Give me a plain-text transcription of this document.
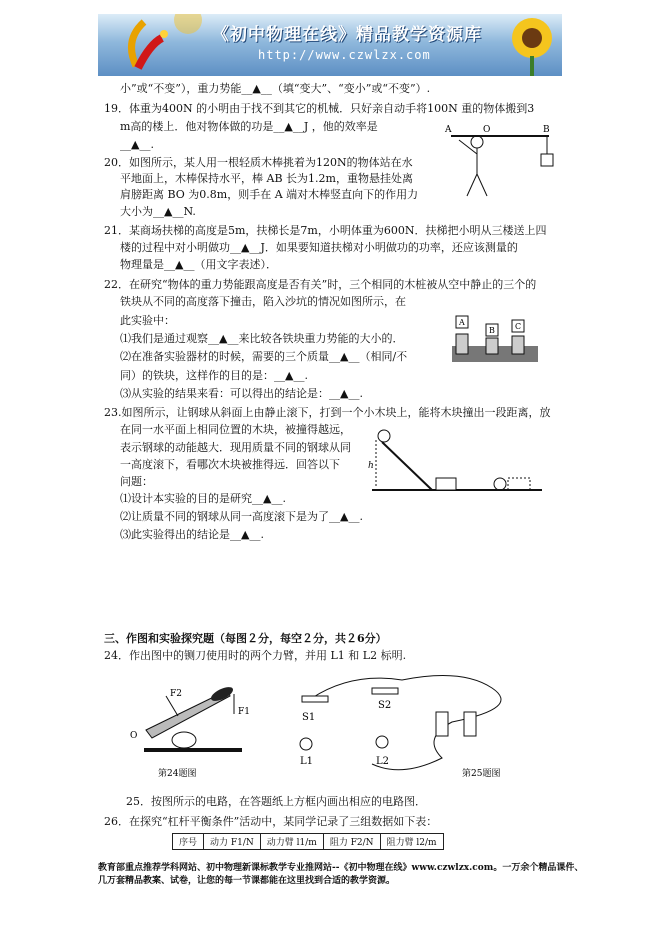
《初中物理在线》精品教学资源库
http://www.czwlzx.com
小”或“不变”），重力势能__▲__（填“变大”、“变小”或“不变”）.
19．体重为400N 的小明由于找不到其它的机械．只好亲自动手将100N 重的物体搬到3
m高的楼上．他对物体做的功是__▲__J ，他的效率是
__▲__.
20．如图所示，某人用一根轻质木棒挑着为120N的物体站在水
平地面上，木棒保持水平，棒 AB 长为1.2m，重物悬挂处离
肩膀距离 BO 为0.8m，则手在 A 端对木棒竖直向下的作用力
大小为__▲__N.
21．某商场扶梯的高度是5m，扶梯长是7m，小明体重为600N．扶梯把小明从三楼送上四
楼的过程中对小明做功__▲__J．如果要知道扶梯对小明做功的功率，还应该测量的
物理量是__▲__（用文字表述）．
22．在研究“物体的重力势能跟高度是否有关”时，三个相同的木桩被从空中静止的三个的
铁块从不同的高度落下撞击，陷入沙坑的情况如图所示，在
此实验中：
⑴我们是通过观察__▲__来比较各铁块重力势能的大小的．
⑵在准备实验器材的时候，需要的三个质量__▲__（相同/不
同）的铁块，这样作的目的是：__▲__.
⑶从实验的结果来看：可以得出的结论是：__▲__.
23.如图所示，让钢球从斜面上由静止滚下，打到一个小木块上，能将木块撞出一段距离，放
在同一水平面上相同位置的木块，被撞得越远，
表示钢球的动能越大．现用质量不同的钢球从同
一高度滚下，看哪次木块被推得远．回答以下
问题：
⑴设计本实验的目的是研究__▲__.
⑵让质量不同的钢球从同一高度滚下是为了__▲__.
⑶此实验得出的结论是__▲__.
三、作图和实验探究题（每图２分，每空２分，共２6分）
24．作出图中的铡刀使用时的两个力臂，并用 L1 和 L2 标明.
25．按图所示的电路，在答题纸上方框内画出相应的电路图．
26．在探究“杠杆平衡条件”活动中，某同学记录了三组数据如下表：
A	O	B
A
B	C
h
F2
F1
O
第24题图
S1
S2
L1	L2
第25题图
序号	动力 F1/N	动力臂 l1/m	阻力 F2/N	阻力臂 l2/m
教育部重点推荐学科网站、初中物理新课标教学专业推网站--《初中物理在线》www.czwlzx.com。一万余个精品课件、几万套精品教案、试卷，让您的每一节课都能在这里找到合适的教学资源。
